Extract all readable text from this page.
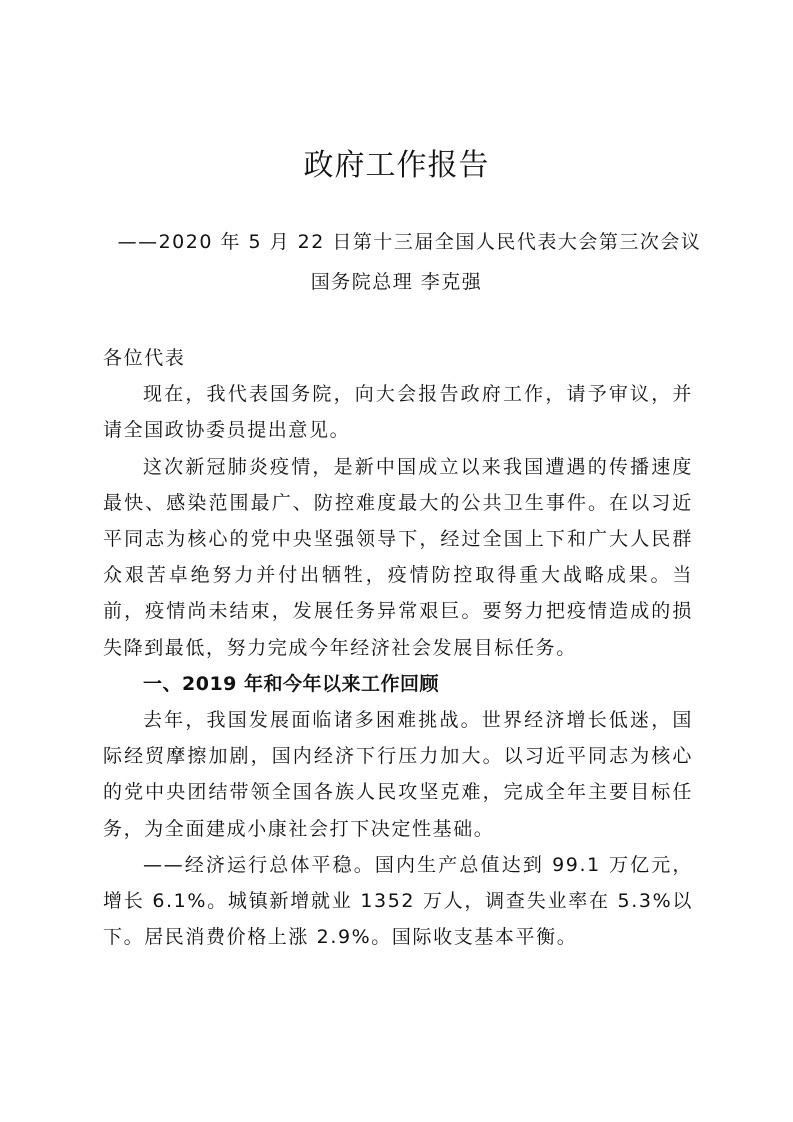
政府工作报告
——2020 年 5 月 22 日第十三届全国人民代表大会第三次会议
国务院总理 李克强

各位代表

现在，我代表国务院，向大会报告政府工作，请予审议，并请全国政协委员提出意见。

这次新冠肺炎疫情，是新中国成立以来我国遭遇的传播速度最快、感染范围最广、防控难度最大的公共卫生事件。在以习近平同志为核心的党中央坚强领导下，经过全国上下和广大人民群众艰苦卓绝努力并付出牺牲，疫情防控取得重大战略成果。当前，疫情尚未结束，发展任务异常艰巨。要努力把疫情造成的损失降到最低，努力完成今年经济社会发展目标任务。

一、2019 年和今年以来工作回顾

去年，我国发展面临诸多困难挑战。世界经济增长低迷，国际经贸摩擦加剧，国内经济下行压力加大。以习近平同志为核心的党中央团结带领全国各族人民攻坚克难，完成全年主要目标任务，为全面建成小康社会打下决定性基础。

——经济运行总体平稳。国内生产总值达到 99.1 万亿元，增长 6.1%。城镇新增就业 1352 万人，调查失业率在 5.3%以下。居民消费价格上涨 2.9%。国际收支基本平衡。
